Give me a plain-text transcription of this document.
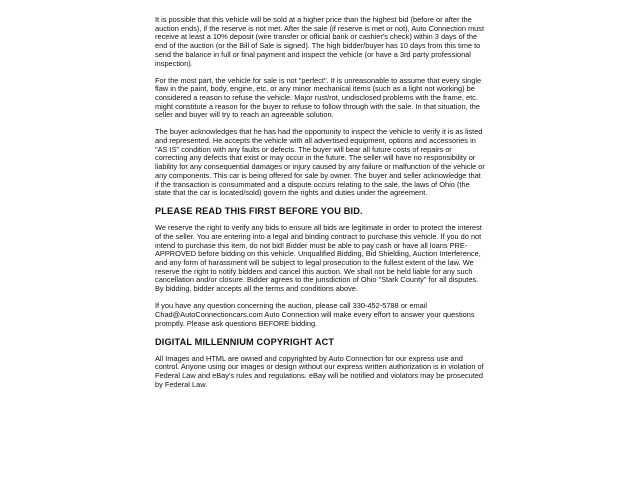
It is possible that this vehicle will be sold at a higher price than the highest bid (before or after the auction ends), if the reserve is not met. After the sale (if reserve is met or not), Auto Connection must receive at least a 10% deposit (wire transfer or official bank or cashier's check) within 3 days of the end of the auction (or the Bill of Sale is signed). The high bidder/buyer has 10 days from this time to send the balance in full or final payment and inspect the vehicle (or have a 3rd party professional inspection).

For the most part, the vehicle for sale is not "perfect". It is unreasonable to assume that every single flaw in the paint, body, engine, etc. or any minor mechanical items (such as a light not working) be considered a reason to refuse the vehicle. Major rust/rot, undisclosed problems with the frame, etc. might constitute a reason for the buyer to refuse to follow through with the sale. In that situation, the seller and buyer will try to reach an agreeable solution.

The buyer acknowledges that he has had the opportunity to inspect the vehicle to verify it is as listed and represented. He accepts the vehicle with all advertised equipment, options and accessories in "AS IS" condition with any faults or defects. The buyer will bear all future costs of repairs or correcting any defects that exist or may occur in the future. The seller will have no responsibility or liability for any consequential damages or injury caused by any failure or malfunction of the vehicle or any components. This car is being offered for sale by owner. The buyer and seller acknowledge that if the transaction is consummated and a dispute occurs relating to the sale, the laws of Ohio (the state that the car is located/sold) govern the rights and duties under the agreement.

PLEASE READ THIS FIRST BEFORE YOU BID.

We reserve the right to verify any bids to ensure all bids are legitimate in order to protect the interest of the seller. You are entering into a legal and binding contract to purchase this vehicle. If you do not intend to purchase this item, do not bid! Bidder must be able to pay cash or have all loans PRE-APPROVED before bidding on this vehicle. Unqualified Bidding, Bid Shielding, Auction Interference, and any form of harassment will be subject to legal prosecution to the fullest extent of the law. We reserve the right to notify bidders and cancel this auction. We shall not be held liable for any such cancellation and/or closure. Bidder agrees to the jurisdiction of Ohio "Stark County" for all disputes. By bidding, bidder accepts all the terms and conditions above.

If you have any question concerning the auction, please call 330-452-5788 or email Chad@AutoConnectioncars.com Auto Connection will make every effort to answer your questions promptly. Please ask questions BEFORE bidding.

DIGITAL MILLENNIUM COPYRIGHT ACT

All Images and HTML are owned and copyrighted by Auto Connection for our express use and control. Anyone using our images or design without our express written authorization is in violation of Federal Law and eBay's rules and regulations. eBay will be notified and violators may be prosecuted by Federal Law.
